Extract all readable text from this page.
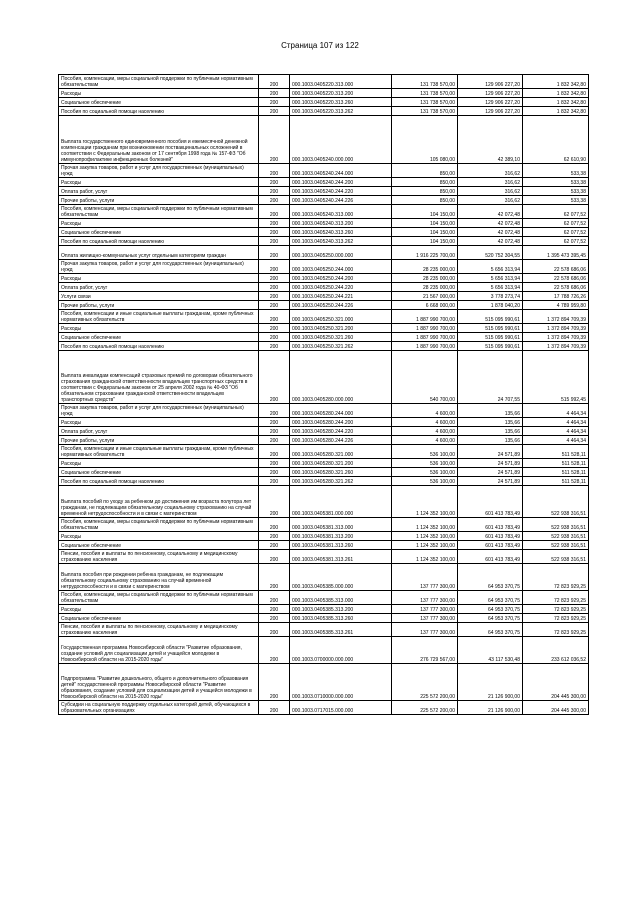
Страница 107 из 122
Пособия, компенсации, меры социальной поддержки по публичным нормативным обязательствам	200	000.1003.0405220.313.000	131 738 570,00	129 906 227,20	1 832 342,80
Расходы	200	000.1003.0405220.313.200	131 738 570,00	129 906 227,20	1 832 342,80
Социальное обеспечение	200	000.1003.0405220.313.260	131 738 570,00	129 906 227,20	1 832 342,80
Пособия по социальной помощи населению	200	000.1003.0405220.313.262	131 738 570,00	129 906 227,20	1 832 342,80
Выплата государственного единовременного пособия и ежемесячной денежной компенсации гражданам при возникновении поствакцинальных осложнений в соответствии с Федеральным законом от 17 сентября 1998 года № 157-ФЗ "Об иммунопрофилактике инфекционных болезней"	200	000.1003.0405240.000.000	105 080,00	42 389,10	62 610,90
Прочая закупка товаров, работ и услуг для государственных (муниципальных) нужд	200	000.1003.0405240.244.000	850,00	316,62	533,38
Расходы	200	000.1003.0405240.244.200	850,00	316,62	533,38
Оплата работ, услуг	200	000.1003.0405240.244.220	850,00	316,62	533,38
Прочие работы, услуги	200	000.1003.0405240.244.226	850,00	316,62	533,38
Пособия, компенсации, меры социальной поддержки по публичным нормативным обязательствам	200	000.1003.0405240.313.000	104 150,00	42 072,48	62 077,52
Расходы	200	000.1003.0405240.313.200	104 150,00	42 072,48	62 077,52
Социальное обеспечение	200	000.1003.0405240.313.260	104 150,00	42 072,48	62 077,52
Пособия по социальной помощи населению	200	000.1003.0405240.313.262	104 150,00	42 072,48	62 077,52
Оплата жилищно-коммунальных услуг отдельным категориям граждан	200	000.1003.0405250.000.000	1 916 225 700,00	520 752 304,55	1 395 473 395,45
Прочая закупка товаров, работ и услуг для государственных (муниципальных) нужд	200	000.1003.0405250.244.000	28 235 000,00	5 656 313,94	22 578 686,06
Расходы	200	000.1003.0405250.244.200	28 235 000,00	5 656 313,94	22 578 686,06
Оплата работ, услуг	200	000.1003.0405250.244.220	28 235 000,00	5 656 313,94	22 578 686,06
Услуги связи	200	000.1003.0405250.244.221	21 567 000,00	3 778 273,74	17 788 726,26
Прочие работы, услуги	200	000.1003.0405250.244.226	6 668 000,00	1 878 040,20	4 789 959,80
Пособия, компенсации и иные социальные выплаты гражданам, кроме публичных нормативных обязательств	200	000.1003.0405250.321.000	1 887 990 700,00	515 095 990,61	1 372 894 709,39
Расходы	200	000.1003.0405250.321.200	1 887 990 700,00	515 095 990,61	1 372 894 709,39
Социальное обеспечение	200	000.1003.0405250.321.260	1 887 990 700,00	515 095 990,61	1 372 894 709,39
Пособия по социальной помощи населению	200	000.1003.0405250.321.262	1 887 990 700,00	515 095 990,61	1 372 894 709,39
Выплата инвалидам компенсаций страховых премий по договорам обязательного страхования гражданской ответственности владельцев транспортных средств в соответствии с Федеральным законом от 25 апреля 2002 года № 40-ФЗ "Об обязательном страховании гражданской ответственности владельцев транспортных средств"	200	000.1003.0405280.000.000	540 700,00	24 707,55	515 992,45
Прочая закупка товаров, работ и услуг для государственных (муниципальных) нужд	200	000.1003.0405280.244.000	4 600,00	135,66	4 464,34
Расходы	200	000.1003.0405280.244.200	4 600,00	135,66	4 464,34
Оплата работ, услуг	200	000.1003.0405280.244.220	4 600,00	135,66	4 464,34
Прочие работы, услуги	200	000.1003.0405280.244.226	4 600,00	135,66	4 464,34
Пособия, компенсации и иные социальные выплаты гражданам, кроме публичных нормативных обязательств	200	000.1003.0405280.321.000	536 100,00	24 571,89	511 528,11
Расходы	200	000.1003.0405280.321.200	536 100,00	24 571,89	511 528,11
Социальное обеспечение	200	000.1003.0405280.321.260	536 100,00	24 571,89	511 528,11
Пособия по социальной помощи населению	200	000.1003.0405280.321.262	536 100,00	24 571,89	511 528,11
Выплата пособий по уходу за ребенком до достижения им возраста полутора лет гражданам, не подлежащим обязательному социальному страхованию на случай временной нетрудоспособности и в связи с материнством	200	000.1003.0405381.000.000	1 124 352 100,00	601 413 783,49	522 938 316,51
Пособия, компенсации, меры социальной поддержки по публичным нормативным обязательствам	200	000.1003.0405381.313.000	1 124 352 100,00	601 413 783,49	522 938 316,51
Расходы	200	000.1003.0405381.313.200	1 124 352 100,00	601 413 783,49	522 938 316,51
Социальное обеспечение	200	000.1003.0405381.313.260	1 124 352 100,00	601 413 783,49	522 938 316,51
Пенсии, пособия и выплаты по пенсионному, социальному и медицинскому страхованию населения	200	000.1003.0405381.313.261	1 124 352 100,00	601 413 783,49	522 938 316,51
Выплата пособия при рождении ребенка гражданам, не подлежащим обязательному социальному страхованию на случай временной нетрудоспособности и в связи с материнством	200	000.1003.0405385.000.000	137 777 300,00	64 953 370,75	72 823 929,25
Пособия, компенсации, меры социальной поддержки по публичным нормативным обязательствам	200	000.1003.0405385.313.000	137 777 300,00	64 953 370,75	72 823 929,25
Расходы	200	000.1003.0405385.313.200	137 777 300,00	64 953 370,75	72 823 929,25
Социальное обеспечение	200	000.1003.0405385.313.260	137 777 300,00	64 953 370,75	72 823 929,25
Пенсии, пособия и выплаты по пенсионному, социальному и медицинскому страхованию населения	200	000.1003.0405385.313.261	137 777 300,00	64 953 370,75	72 823 929,25
Государственная программа Новосибирской области "Развитие образования, создание условий для социализации детей и учащейся молодежи в Новосибирской области на 2015-2020 годы"	200	000.1003.0700000.000.000	276 729 567,00	43 117 530,48	233 612 036,52
Подпрограмма "Развитие дошкольного, общего и дополнительного образования детей" государственной программы Новосибирской области "Развитие образования, создание условий для социализации детей и учащейся молодежи в Новосибирской области на 2015-2020 годы"	200	000.1003.0710000.000.000	225 572 200,00	21 126 900,00	204 445 300,00
Субсидии на социальную поддержку отдельных категорий детей, обучающихся в образовательных организациях	200	000.1003.0717015.000.000	225 572 200,00	21 126 900,00	204 445 300,00
